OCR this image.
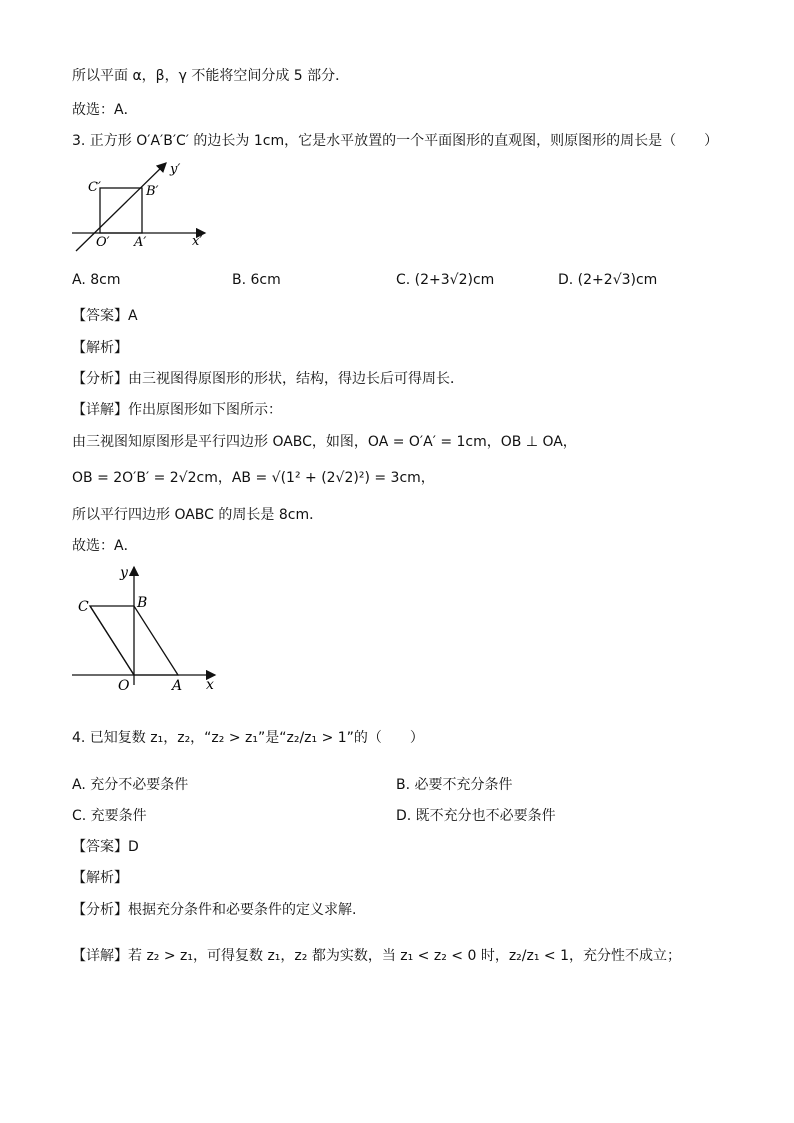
所以平面 α，β，γ 不能将空间分成 5 部分．
故选：A．
3. 正方形 O′A′B′C′ 的边长为 1cm，它是水平放置的一个平面图形的直观图，则原图形的周长是（　　）
y′
C′	B′
O′ A′	x′
A. 8cm	B. 6cm	C. (2+3√2)cm	D. (2+2√3)cm
【答案】A
【解析】
【分析】由三视图得原图形的形状，结构，得边长后可得周长．
【详解】作出原图形如下图所示：
由三视图知原图形是平行四边形 OABC，如图，OA = O′A′ = 1cm，OB ⊥ OA，
OB = 2O′B′ = 2√2cm，AB = √(1² + (2√2)²) = 3cm，
所以平行四边形 OABC 的周长是 8cm．
故选：A．
y
C	B
O	A x
4. 已知复数 z₁，z₂，“z₂ > z₁”是“z₂/z₁ > 1”的（　　）
A. 充分不必要条件	B. 必要不充分条件
C. 充要条件	D. 既不充分也不必要条件
【答案】D
【解析】
【分析】根据充分条件和必要条件的定义求解.
【详解】若 z₂ > z₁，可得复数 z₁，z₂ 都为实数，当 z₁ < z₂ < 0 时，z₂/z₁ < 1，充分性不成立；
